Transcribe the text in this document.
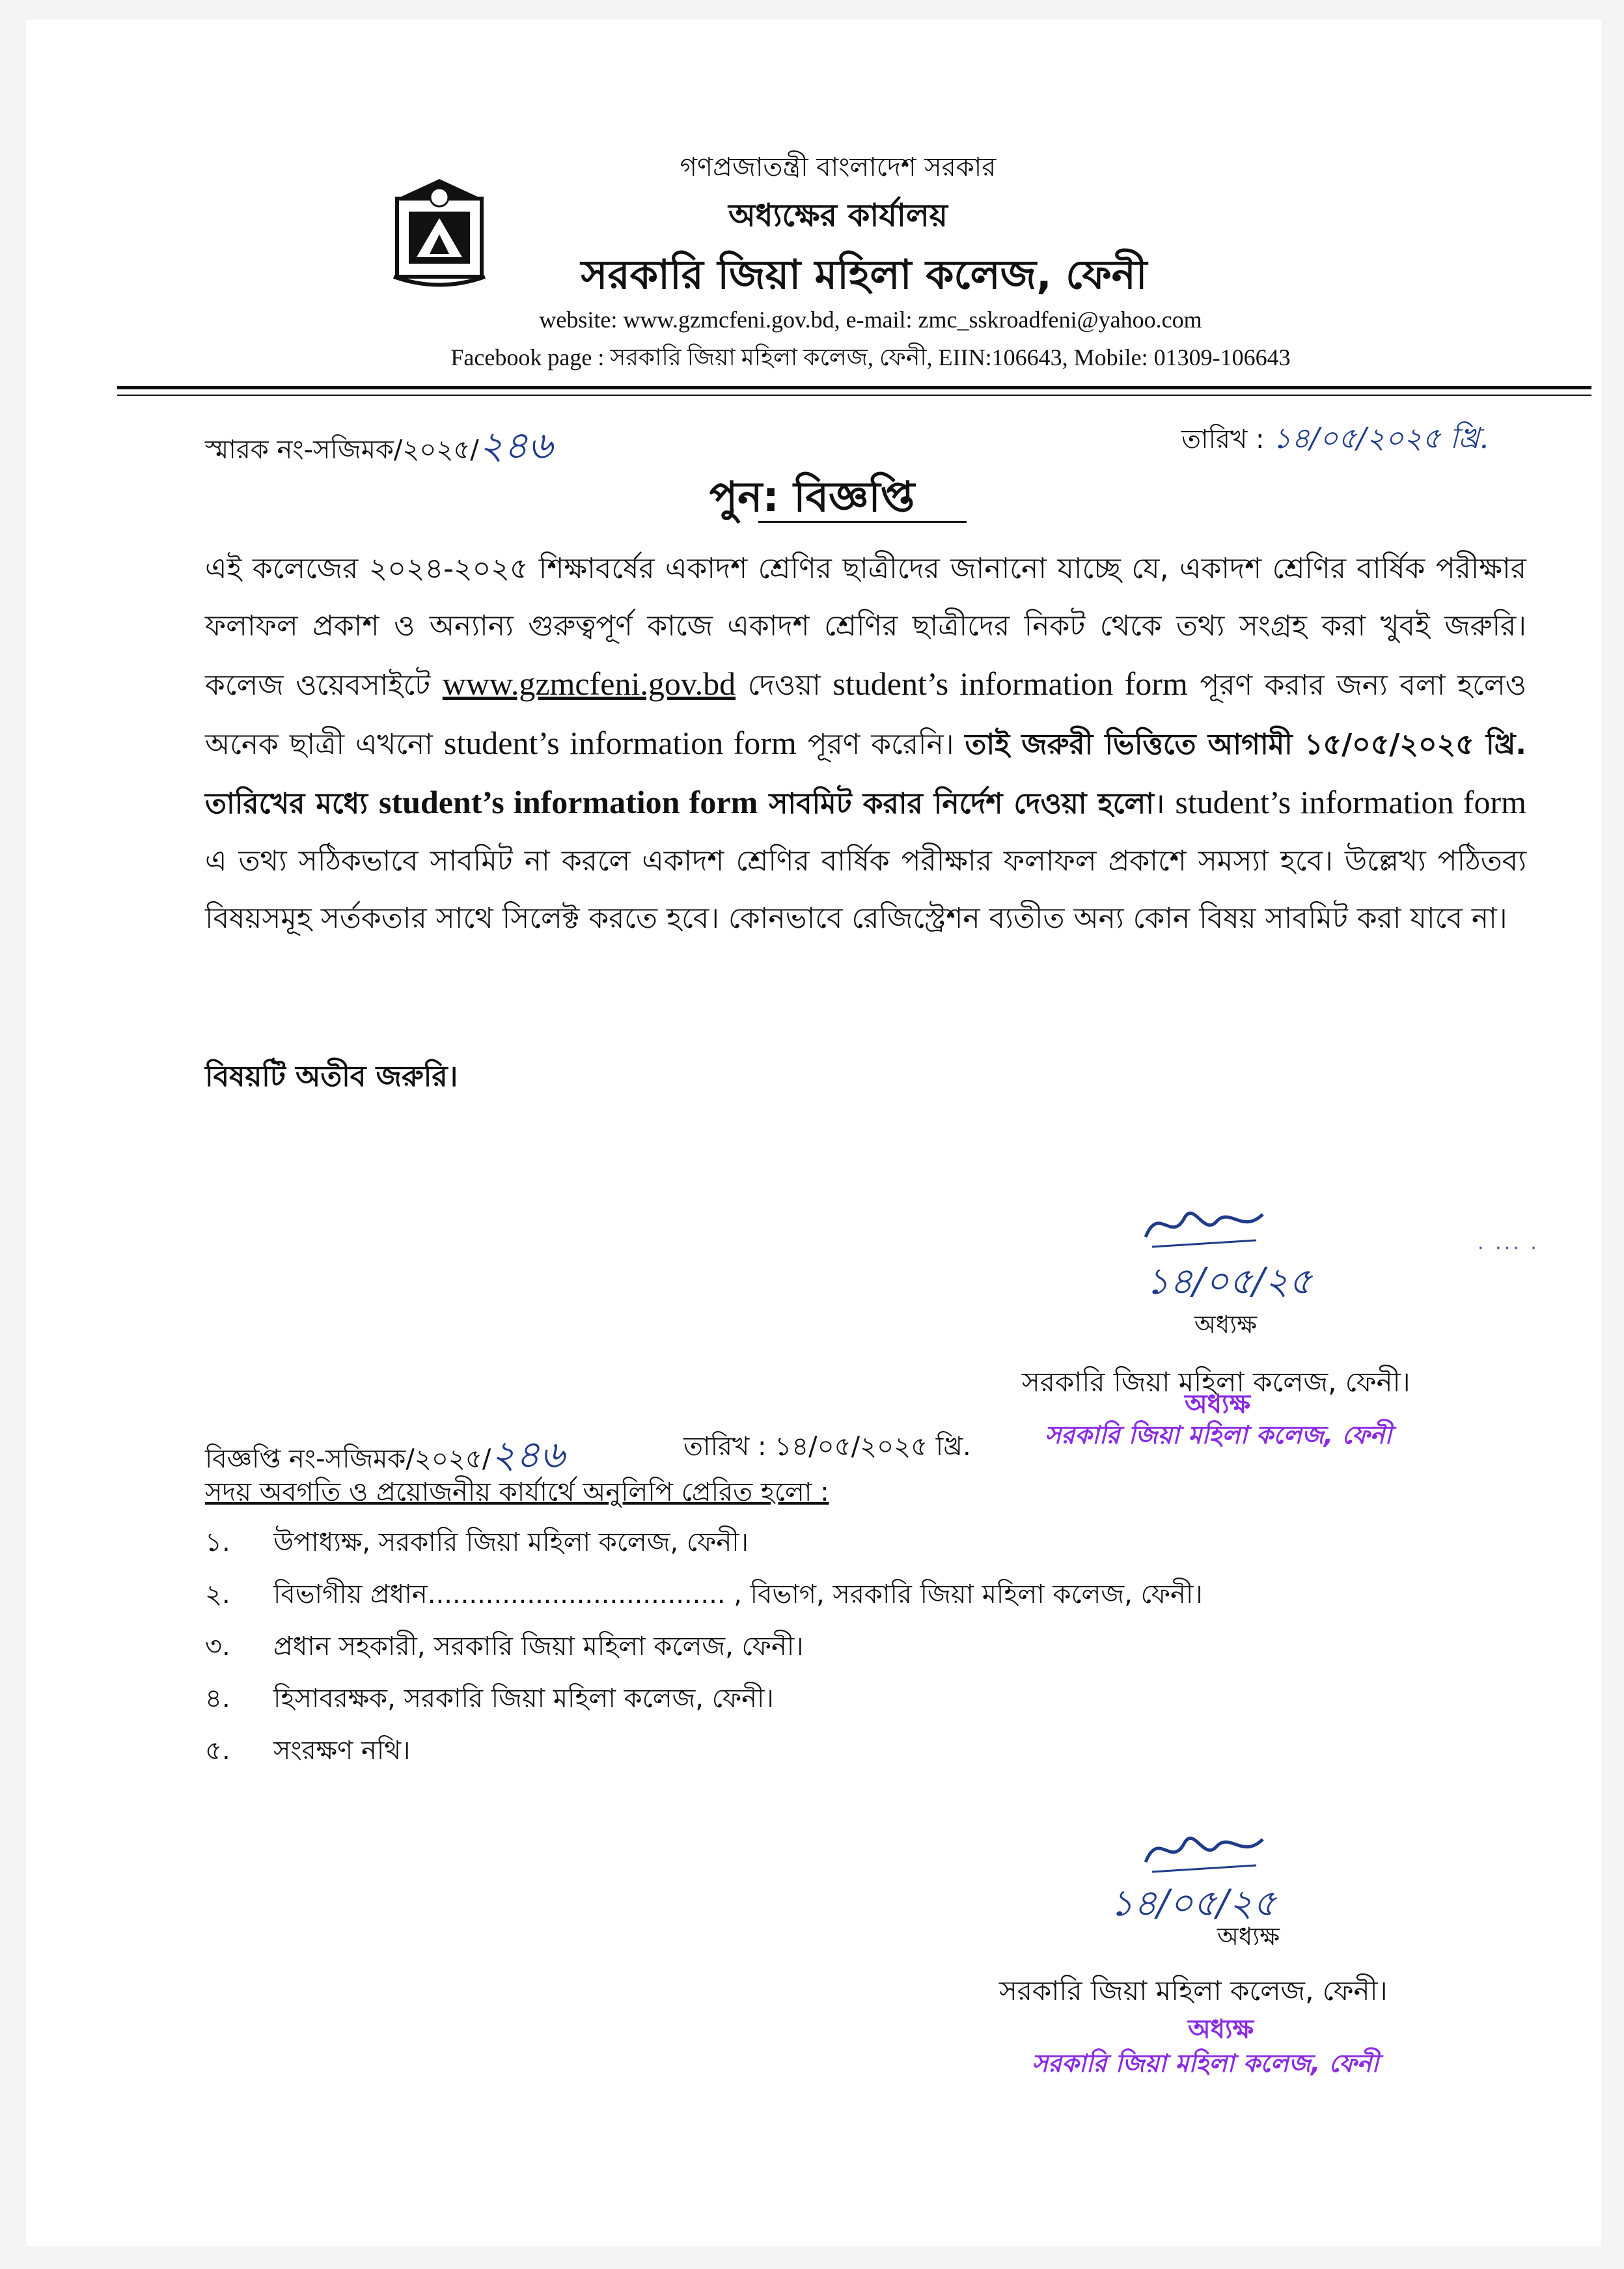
গণপ্রজাতন্ত্রী বাংলাদেশ সরকার
অধ্যক্ষের কার্যালয়
সরকারি জিয়া মহিলা কলেজ, ফেনী
website: www.gzmcfeni.gov.bd, e-mail: zmc_sskroadfeni@yahoo.com
Facebook page : সরকারি জিয়া মহিলা কলেজ, ফেনী, EIIN:106643, Mobile: 01309-106643
স্মারক নং-সজিমক/২০২৫/২৪৬	তারিখ : ১৪/০৫/২০২৫ খ্রি.
পুন: বিজ্ঞপ্তি
এই কলেজের ২০২৪-২০২৫ শিক্ষাবর্ষের একাদশ শ্রেণির ছাত্রীদের জানানো যাচ্ছে যে, একাদশ শ্রেণির বার্ষিক পরীক্ষার ফলাফল প্রকাশ ও অন্যান্য গুরুত্বপূর্ণ কাজে একাদশ শ্রেণির ছাত্রীদের নিকট থেকে তথ্য সংগ্রহ করা খুবই জরুরি। কলেজ ওয়েবসাইটে www.gzmcfeni.gov.bd দেওয়া student’s information form পূরণ করার জন্য বলা হলেও অনেক ছাত্রী এখনো student’s information form পূরণ করেনি। তাই জরুরী ভিত্তিতে আগামী ১৫/০৫/২০২৫ খ্রি. তারিখের মধ্যে student’s information form সাবমিট করার নির্দেশ দেওয়া হলো। student’s information form এ তথ্য সঠিকভাবে সাবমিট না করলে একাদশ শ্রেণির বার্ষিক পরীক্ষার ফলাফল প্রকাশে সমস্যা হবে। উল্লেখ্য পঠিতব্য বিষয়সমূহ সর্তকতার সাথে সিলেক্ট করতে হবে। কোনভাবে রেজিস্ট্রেশন ব্যতীত অন্য কোন বিষয় সাবমিট করা যাবে না।
বিষয়টি অতীব জরুরি।
· ··· ·
১৪/০৫/২৫
অধ্যক্ষ
সরকারি জিয়া মহিলা কলেজ, ফেনী।
অধ্যক্ষ
সরকারি জিয়া মহিলা কলেজ, ফেনী
বিজ্ঞপ্তি নং-সজিমক/২০২৫/২৪৬	তারিখ : ১৪/০৫/২০২৫ খ্রি.
সদয় অবগতি ও প্রয়োজনীয় কার্যার্থে অনুলিপি প্রেরিত হলো :
১.	উপাধ্যক্ষ, সরকারি জিয়া মহিলা কলেজ, ফেনী।
২.	বিভাগীয় প্রধান.................................... , বিভাগ, সরকারি জিয়া মহিলা কলেজ, ফেনী।
৩.	প্রধান সহকারী, সরকারি জিয়া মহিলা কলেজ, ফেনী।
৪.	হিসাবরক্ষক, সরকারি জিয়া মহিলা কলেজ, ফেনী।
৫.	সংরক্ষণ নথি।
১৪/০৫/২৫
অধ্যক্ষ
সরকারি জিয়া মহিলা কলেজ, ফেনী।
অধ্যক্ষ
সরকারি জিয়া মহিলা কলেজ, ফেনী
